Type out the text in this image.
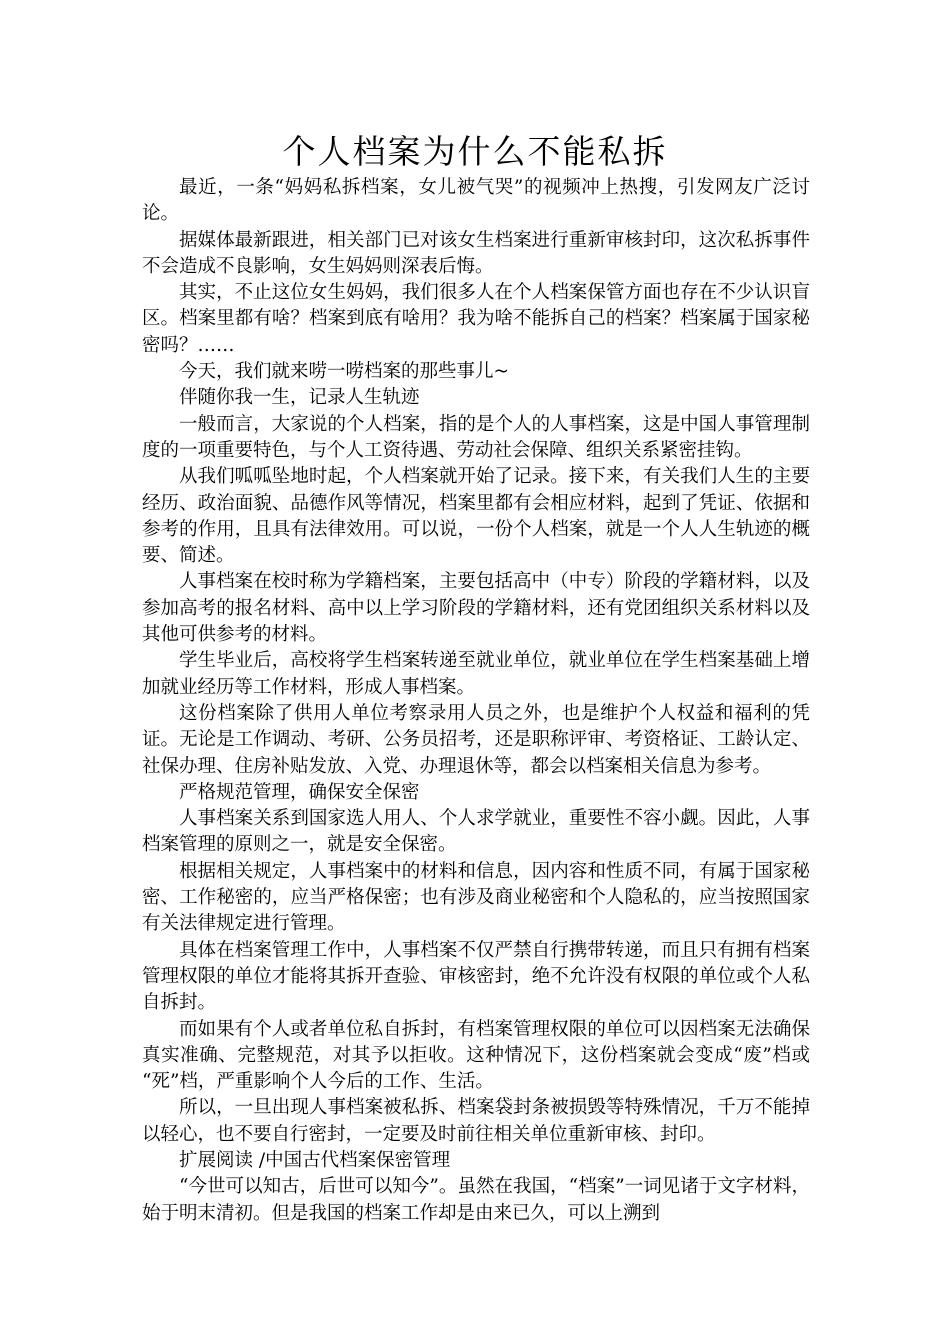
个人档案为什么不能私拆

最近，一条“妈妈私拆档案，女儿被气哭”的视频冲上热搜，引发网友广泛讨论。

据媒体最新跟进，相关部门已对该女生档案进行重新审核封印，这次私拆事件不会造成不良影响，女生妈妈则深表后悔。

其实，不止这位女生妈妈，我们很多人在个人档案保管方面也存在不少认识盲区。档案里都有啥？档案到底有啥用？我为啥不能拆自己的档案？档案属于国家秘密吗？……

今天，我们就来唠一唠档案的那些事儿~

伴随你我一生，记录人生轨迹

一般而言，大家说的个人档案，指的是个人的人事档案，这是中国人事管理制度的一项重要特色，与个人工资待遇、劳动社会保障、组织关系紧密挂钩。

从我们呱呱坠地时起，个人档案就开始了记录。接下来，有关我们人生的主要经历、政治面貌、品德作风等情况，档案里都有会相应材料，起到了凭证、依据和参考的作用，且具有法律效用。可以说，一份个人档案，就是一个人人生轨迹的概要、简述。

人事档案在校时称为学籍档案，主要包括高中（中专）阶段的学籍材料，以及参加高考的报名材料、高中以上学习阶段的学籍材料，还有党团组织关系材料以及其他可供参考的材料。

学生毕业后，高校将学生档案转递至就业单位，就业单位在学生档案基础上增加就业经历等工作材料，形成人事档案。

这份档案除了供用人单位考察录用人员之外，也是维护个人权益和福利的凭证。无论是工作调动、考研、公务员招考，还是职称评审、考资格证、工龄认定、社保办理、住房补贴发放、入党、办理退休等，都会以档案相关信息为参考。

严格规范管理，确保安全保密

人事档案关系到国家选人用人、个人求学就业，重要性不容小觑。因此，人事档案管理的原则之一，就是安全保密。

根据相关规定，人事档案中的材料和信息，因内容和性质不同，有属于国家秘密、工作秘密的，应当严格保密；也有涉及商业秘密和个人隐私的，应当按照国家有关法律规定进行管理。

具体在档案管理工作中，人事档案不仅严禁自行携带转递，而且只有拥有档案管理权限的单位才能将其拆开查验、审核密封，绝不允许没有权限的单位或个人私自拆封。

而如果有个人或者单位私自拆封，有档案管理权限的单位可以因档案无法确保真实准确、完整规范，对其予以拒收。这种情况下，这份档案就会变成“废”档或 “死”档，严重影响个人今后的工作、生活。

所以，一旦出现人事档案被私拆、档案袋封条被损毁等特殊情况，千万不能掉以轻心，也不要自行密封，一定要及时前往相关单位重新审核、封印。

扩展阅读 /中国古代档案保密管理

“今世可以知古，后世可以知今”。虽然在我国，“档案”一词见诸于文字材料，始于明末清初。但是我国的档案工作却是由来已久，可以上溯到
